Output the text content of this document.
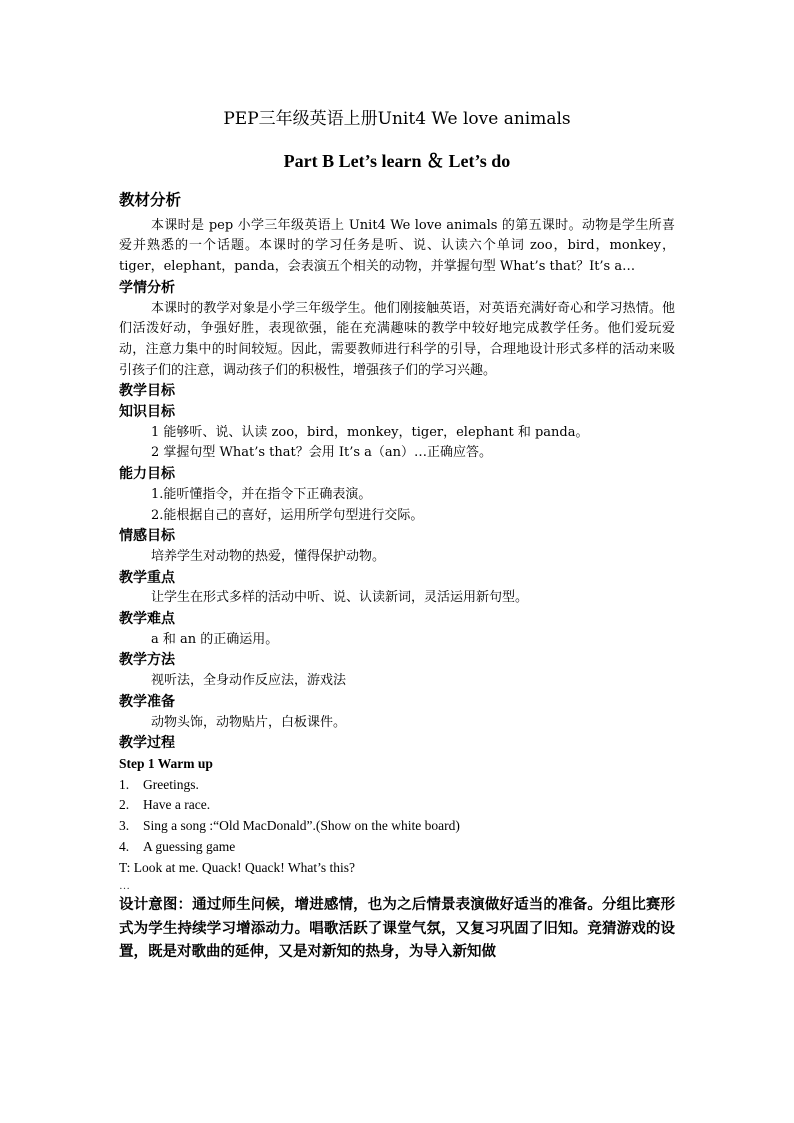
PEP三年级英语上册Unit4 We love animals

Part B Let’s learn ＆ Let’s do

教材分析

本课时是 pep 小学三年级英语上 Unit4 We love animals 的第五课时。动物是学生所喜爱并熟悉的一个话题。本课时的学习任务是听、说、认读六个单词 zoo，bird，monkey，tiger，elephant，panda，会表演五个相关的动物，并掌握句型 What’s that？It’s a…

学情分析

本课时的教学对象是小学三年级学生。他们刚接触英语，对英语充满好奇心和学习热情。他们活泼好动，争强好胜，表现欲强，能在充满趣味的教学中较好地完成教学任务。他们爱玩爱动，注意力集中的时间较短。因此，需要教师进行科学的引导，合理地设计形式多样的活动来吸引孩子们的注意，调动孩子们的积极性，增强孩子们的学习兴趣。

教学目标

知识目标

1 能够听、说、认读 zoo，bird，monkey，tiger，elephant 和 panda。

2 掌握句型 What’s that？会用 It’s a（an）…正确应答。

能力目标

1.能听懂指令，并在指令下正确表演。

2.能根据自己的喜好，运用所学句型进行交际。

情感目标

培养学生对动物的热爱，懂得保护动物。

教学重点

让学生在形式多样的活动中听、说、认读新词，灵活运用新句型。

教学难点

a 和 an 的正确运用。

教学方法

视听法，全身动作反应法，游戏法

教学准备

动物头饰，动物贴片，白板课件。

教学过程

Step 1 Warm up

1. Greetings.

2. Have a race.

3. Sing a song :“Old MacDonald”.(Show on the white board)

4. A guessing game

T: Look at me. Quack! Quack! What’s this?

…

设计意图：通过师生问候，增进感情，也为之后情景表演做好适当的准备。分组比赛形式为学生持续学习增添动力。唱歌活跃了课堂气氛，又复习巩固了旧知。竞猜游戏的设置，既是对歌曲的延伸，又是对新知的热身，为导入新知做
